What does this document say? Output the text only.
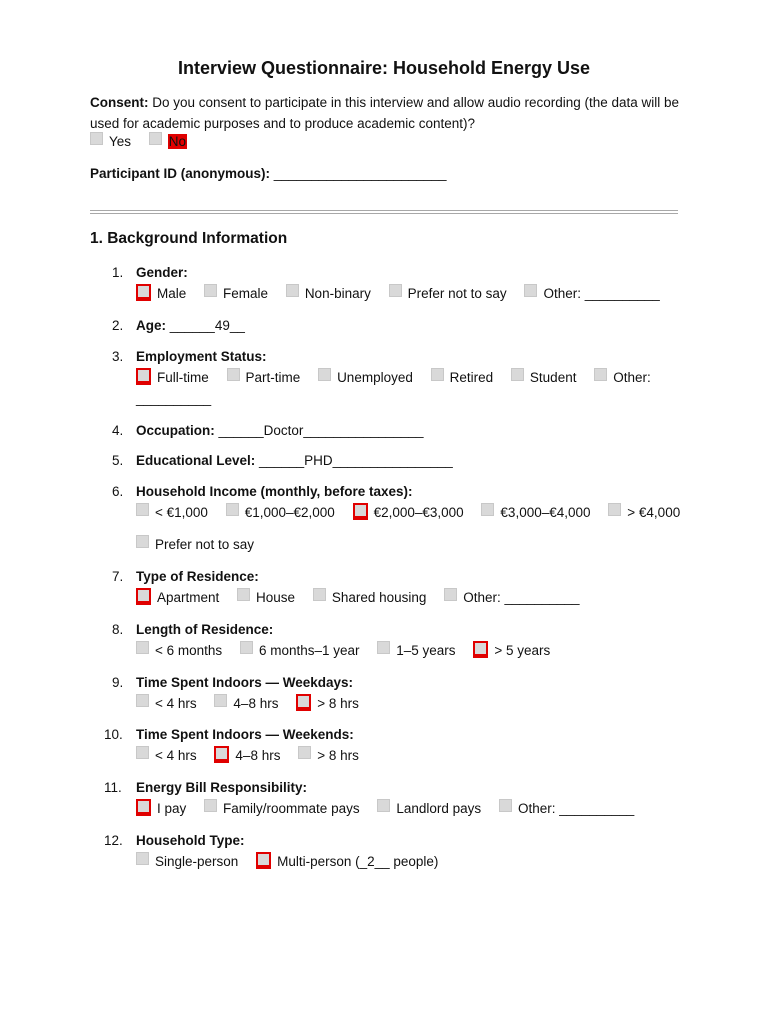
Interview Questionnaire: Household Energy Use
Consent: Do you consent to participate in this interview and allow audio recording (the data will be used for academic purposes and to produce academic content)?
Yes	No
Participant ID (anonymous): _______________________
1. Background Information
1. Gender:
Male	Female	Non-binary	Prefer not to say	Other: __________
2. Age: ______49__
3. Employment Status:
Full-time	Part-time	Unemployed	Retired	Student	Other:
__________
4. Occupation: ______Doctor________________
5. Educational Level: ______PHD________________
6. Household Income (monthly, before taxes):
< €1,000	€1,000–€2,000	€2,000–€3,000	€3,000–€4,000	> €4,000
Prefer not to say
7. Type of Residence:
Apartment	House	Shared housing	Other: __________
8. Length of Residence:
< 6 months	6 months–1 year	1–5 years	> 5 years
9. Time Spent Indoors — Weekdays:
< 4 hrs	4–8 hrs	> 8 hrs
10. Time Spent Indoors — Weekends:
< 4 hrs	4–8 hrs	> 8 hrs
11. Energy Bill Responsibility:
I pay	Family/roommate pays	Landlord pays	Other: __________
12. Household Type:
Single-person	Multi-person (_2__ people)
